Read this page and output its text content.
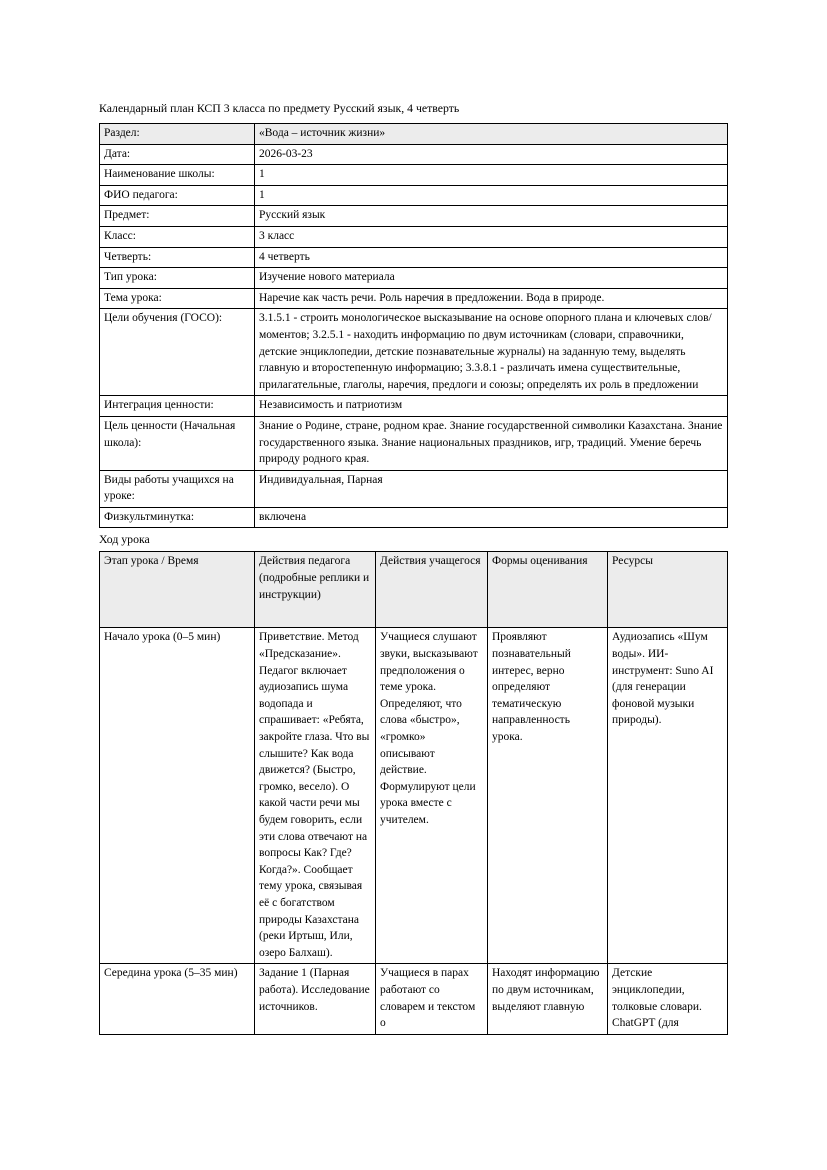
Календарный план КСП 3 класса по предмету Русский язык, 4 четверть
Раздел:	«Вода – источник жизни»
Дата:	2026-03-23
Наименование школы:	1
ФИО педагога:	1
Предмет:	Русский язык
Класс:	3 класс
Четверть:	4 четверть
Тип урока:	Изучение нового материала
Тема урока:	Наречие как часть речи. Роль наречия в предложении. Вода в природе.
Цели обучения (ГОСО):	3.1.5.1 - строить монологическое высказывание на основе опорного плана и ключевых слов/моментов; 3.2.5.1 - находить информацию по двум источникам (словари, справочники, детские энциклопедии, детские познавательные журналы) на заданную тему, выделять главную и второстепенную информацию; 3.3.8.1 - различать имена существительные, прилагательные, глаголы, наречия, предлоги и союзы; определять их роль в предложении
Интеграция ценности:	Независимость и патриотизм
Цель ценности (Начальная школа):	Знание о Родине, стране, родном крае. Знание государственной символики Казахстана. Знание государственного языка. Знание национальных праздников, игр, традиций. Умение беречь природу родного края.
Виды работы учащихся на уроке:	Индивидуальная, Парная
Физкультминутка:	включена
Ход урока
Этап урока / Время	Действия педагога (подробные реплики и инструкции)	Действия учащегося	Формы оценивания	Ресурсы
Начало урока (0–5 мин)	Приветствие. Метод «Предсказание». Педагог включает аудиозапись шума водопада и спрашивает: «Ребята, закройте глаза. Что вы слышите? Как вода движется? (Быстро, громко, весело). О какой части речи мы будем говорить, если эти слова отвечают на вопросы Как? Где? Когда?». Сообщает тему урока, связывая её с богатством природы Казахстана (реки Иртыш, Или, озеро Балхаш).	Учащиеся слушают звуки, высказывают предположения о теме урока. Определяют, что слова «быстро», «громко» описывают действие. Формулируют цели урока вместе с учителем.	Проявляют познавательный интерес, верно определяют тематическую направленность урока.	Аудиозапись «Шум воды». ИИ-инструмент: Suno AI (для генерации фоновой музыки природы).
Середина урока (5–35 мин)	Задание 1 (Парная работа). Исследование источников.	Учащиеся в парах работают со словарем и текстом о	Находят информацию по двум источникам, выделяют главную	Детские энциклопедии, толковые словари. ChatGPT (для
